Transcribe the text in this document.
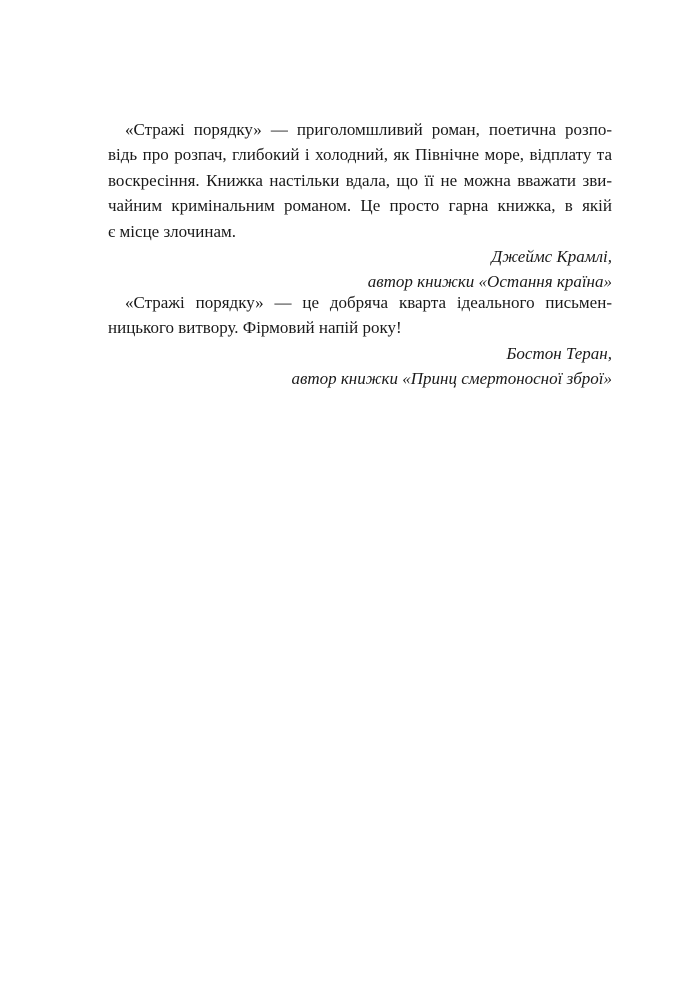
«Стражі порядку» — приголомшливий роман, поетична розпо-
відь про розпач, глибокий і холодний, як Північне море, відплату та
воскресіння. Книжка настільки вдала, що її не можна вважати зви-
чайним кримінальним романом. Це просто гарна книжка, в якій
є місце злочинам.
Джеймс Крамлі,
автор книжки «Остання країна»
«Стражі порядку» — це добряча кварта ідеального письмен-
ницького витвору. Фірмовий напій року!
Бостон Теран,
автор книжки «Принц смертоносної зброї»
